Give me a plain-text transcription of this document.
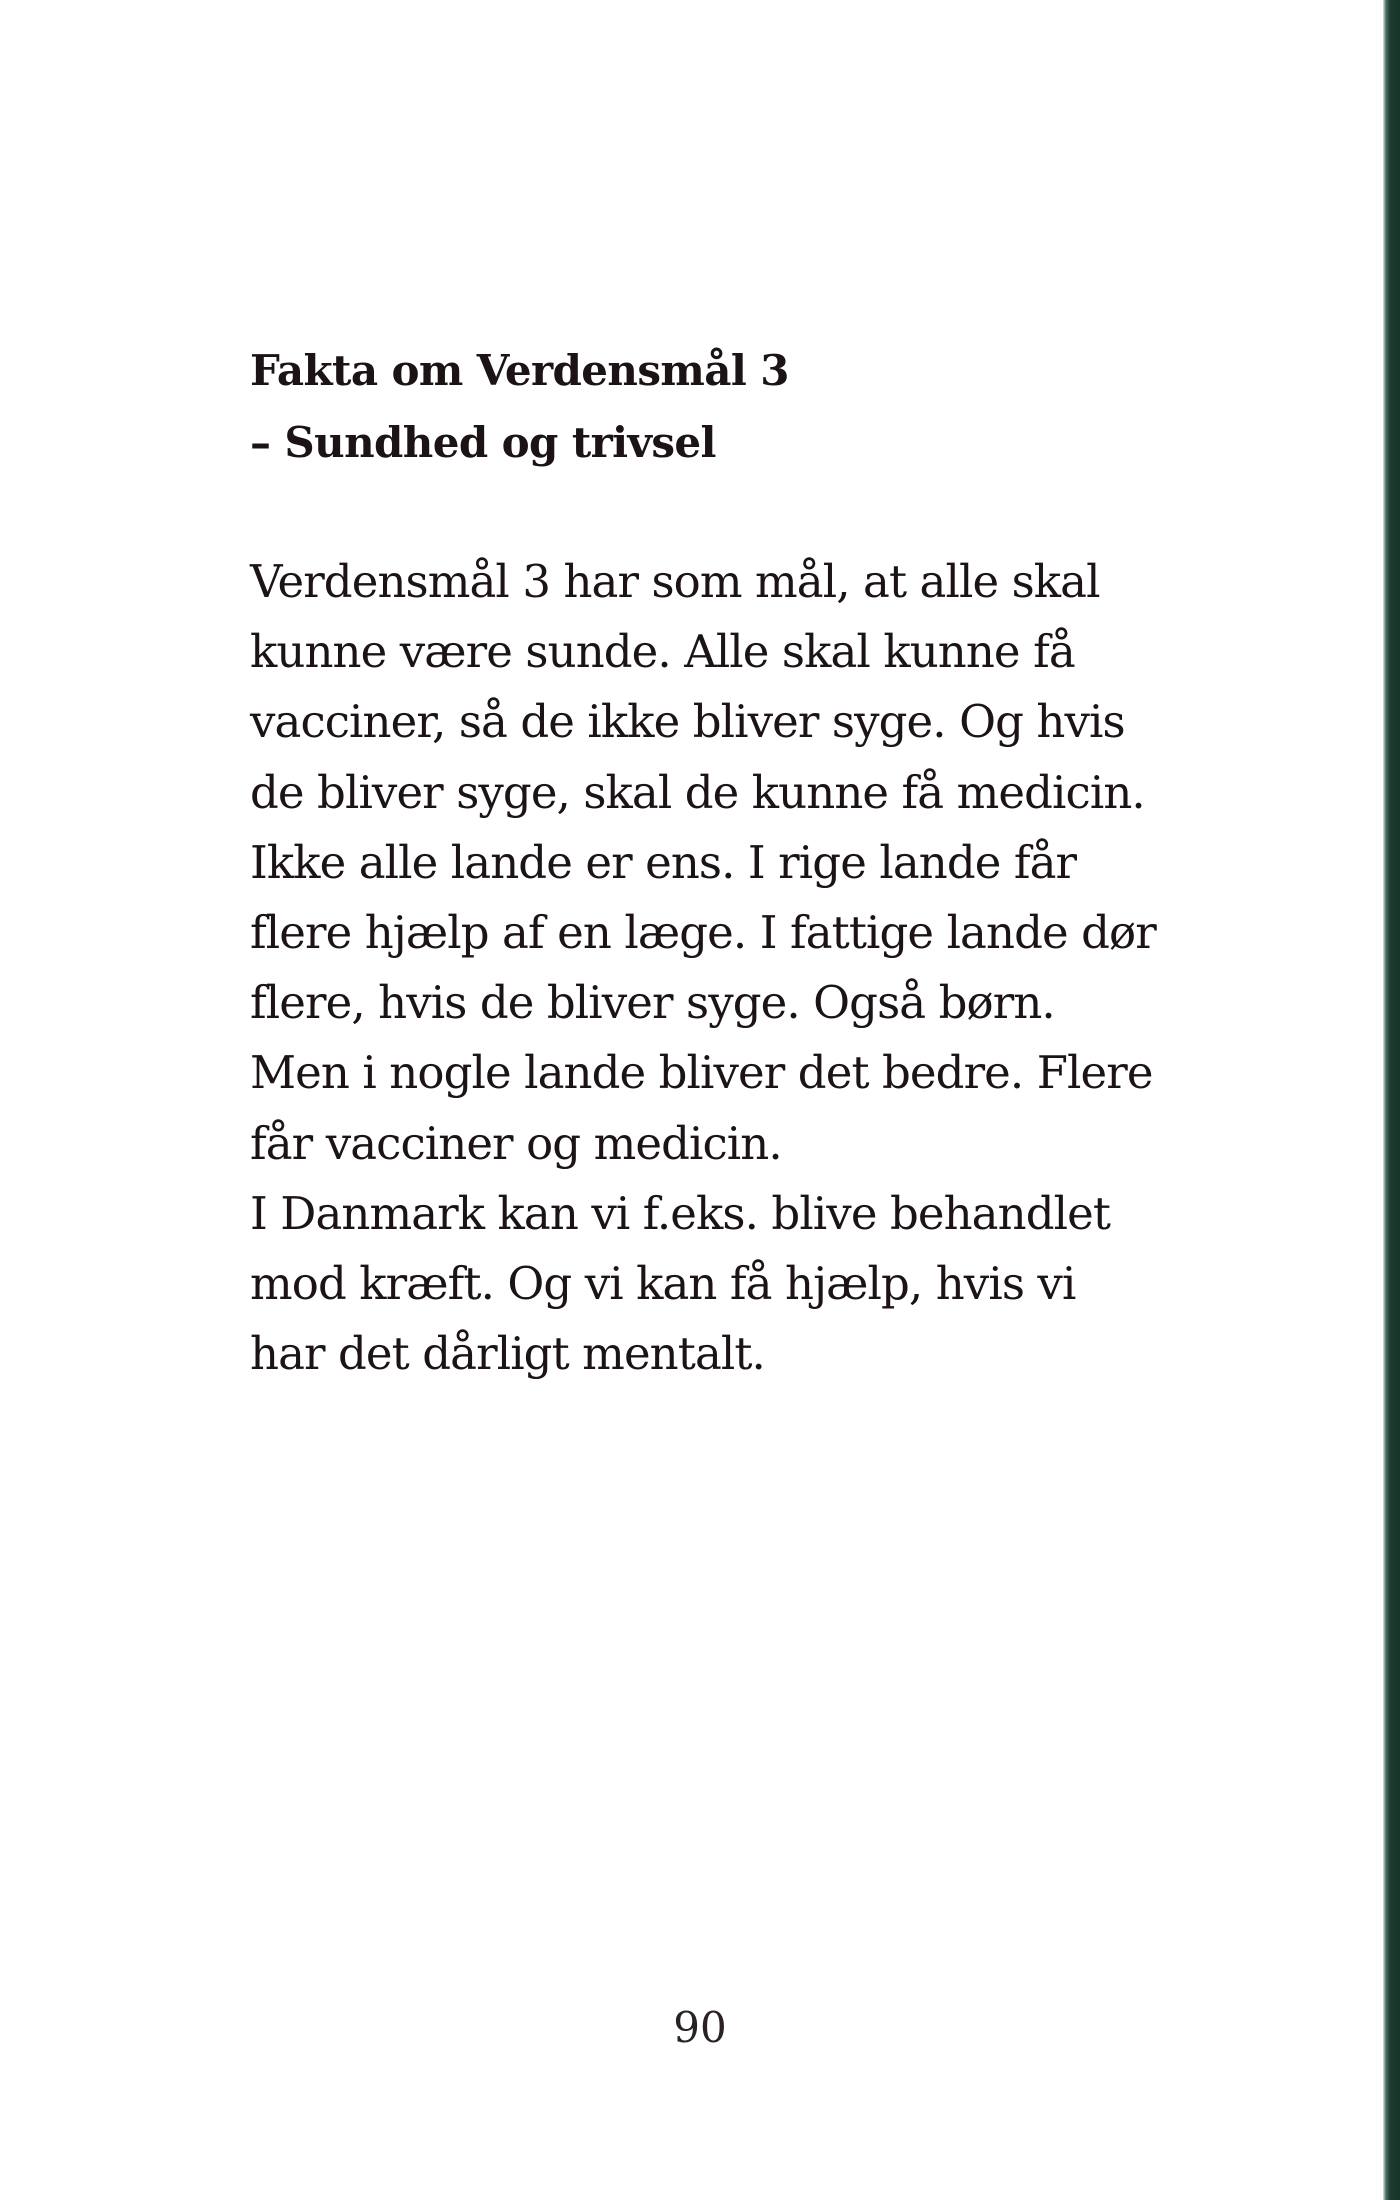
Fakta om Verdensmål 3
– Sundhed og trivsel
Verdensmål 3 har som mål, at alle skal
kunne være sunde. Alle skal kunne få
vacciner, så de ikke bliver syge. Og hvis
de bliver syge, skal de kunne få medicin.
Ikke alle lande er ens. I rige lande får
flere hjælp af en læge. I fattige lande dør
flere, hvis de bliver syge. Også børn.
Men i nogle lande bliver det bedre. Flere
får vacciner og medicin.
I Danmark kan vi f.eks. blive behandlet
mod kræft. Og vi kan få hjælp, hvis vi
har det dårligt mentalt.
90
